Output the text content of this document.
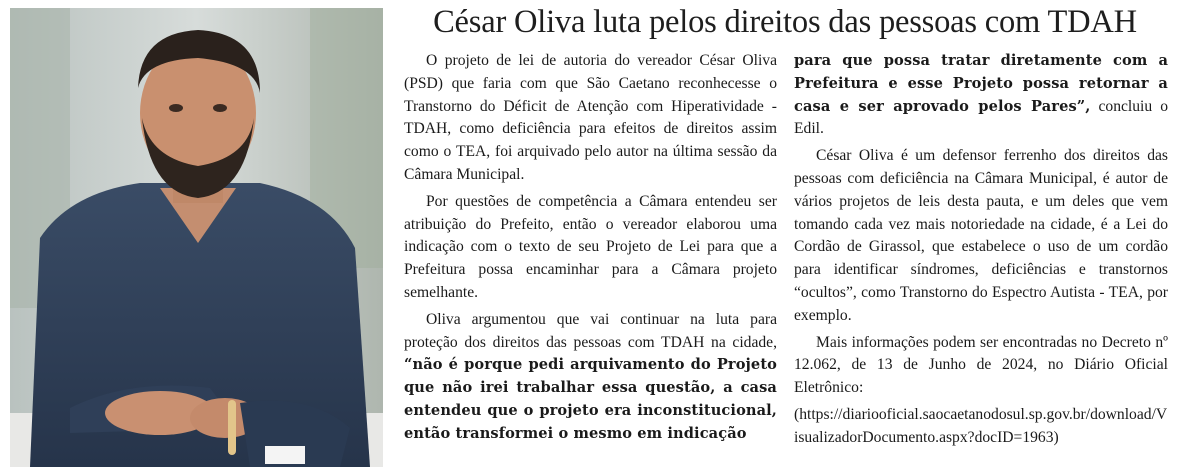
César Oliva luta pelos direitos das pessoas com TDAH

O projeto de lei de autoria do vereador César Oliva (PSD) que faria com que São Caetano reconhecesse o Transtorno do Déficit de Atenção com Hiperatividade - TDAH, como deficiência para efeitos de direitos assim como o TEA, foi arquivado pelo autor na última sessão da Câmara Municipal.

Por questões de competência a Câmara entendeu ser atribuição do Prefeito, então o vereador elaborou uma indicação com o texto de seu Projeto de Lei para que a Prefeitura possa encaminhar para a Câmara projeto semelhante.

Oliva argumentou que vai continuar na luta para proteção dos direitos das pessoas com TDAH na cidade, “não é porque pedi arquivamento do Projeto que não irei trabalhar essa questão, a casa entendeu que o projeto era inconstitucional, então transformei o mesmo em indicação

para que possa tratar diretamente com a Prefeitura e esse Projeto possa retornar a casa e ser aprovado pelos Pares”, concluiu o Edil.

César Oliva é um defensor ferrenho dos direitos das pessoas com deficiência na Câmara Municipal, é autor de vários projetos de leis desta pauta, e um deles que vem tomando cada vez mais notoriedade na cidade, é a Lei do Cordão de Girassol, que estabelece o uso de um cordão para identificar síndromes, deficiências e transtornos “ocultos”, como Transtorno do Espectro Autista - TEA, por exemplo.

Mais informações podem ser encontradas no Decreto nº 12.062, de 13 de Junho de 2024, no Diário Oficial Eletrônico:

(https://diariooficial.saocaetanodosul.sp.gov.br/download/VisualizadorDocumento.aspx?docID=1963)
